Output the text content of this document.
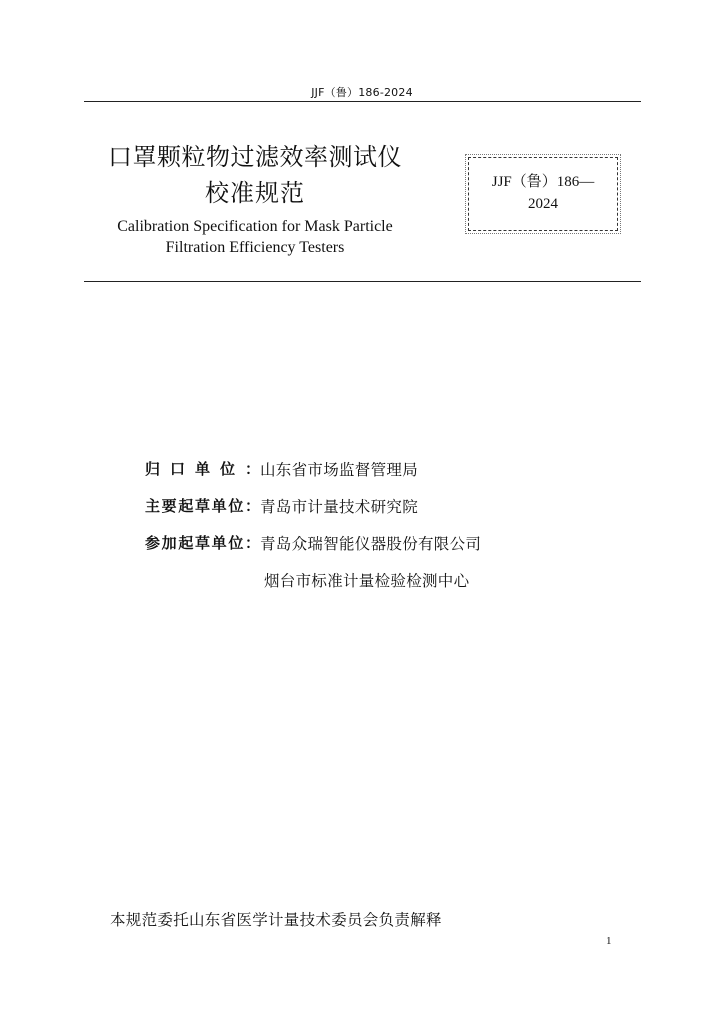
JJF（鲁）186-2024
口罩颗粒物过滤效率测试仪
校准规范
Calibration Specification for Mask Particle
Filtration Efficiency Testers
JJF（鲁）186—
2024
归口单位： 山东省市场监督管理局
主要起草单位： 青岛市计量技术研究院
参加起草单位： 青岛众瑞智能仪器股份有限公司
烟台市标准计量检验检测中心
本规范委托山东省医学计量技术委员会负责解释
1
